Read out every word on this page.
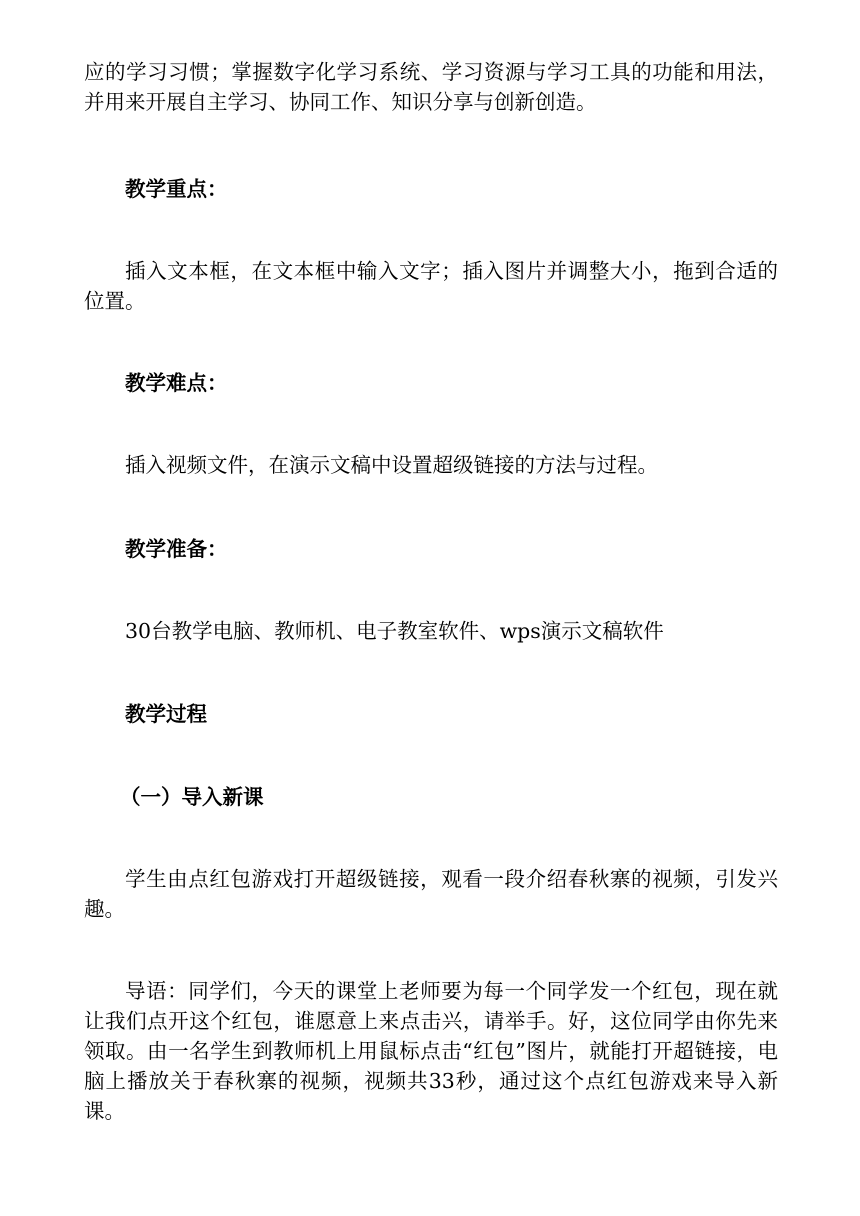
应的学习习惯；掌握数字化学习系统、学习资源与学习工具的功能和用法，并用来开展自主学习、协同工作、知识分享与创新创造。

教学重点：

插入文本框，在文本框中输入文字；插入图片并调整大小，拖到合适的位置。

教学难点：

插入视频文件，在演示文稿中设置超级链接的方法与过程。

教学准备：

30台教学电脑、教师机、电子教室软件、wps演示文稿软件

教学过程

（一）导入新课

学生由点红包游戏打开超级链接，观看一段介绍春秋寨的视频，引发兴趣。

导语：同学们，今天的课堂上老师要为每一个同学发一个红包，现在就让我们点开这个红包，谁愿意上来点击兴，请举手。好，这位同学由你先来领取。由一名学生到教师机上用鼠标点击“红包”图片，就能打开超链接，电脑上播放关于春秋寨的视频，视频共33秒，通过这个点红包游戏来导入新课。
